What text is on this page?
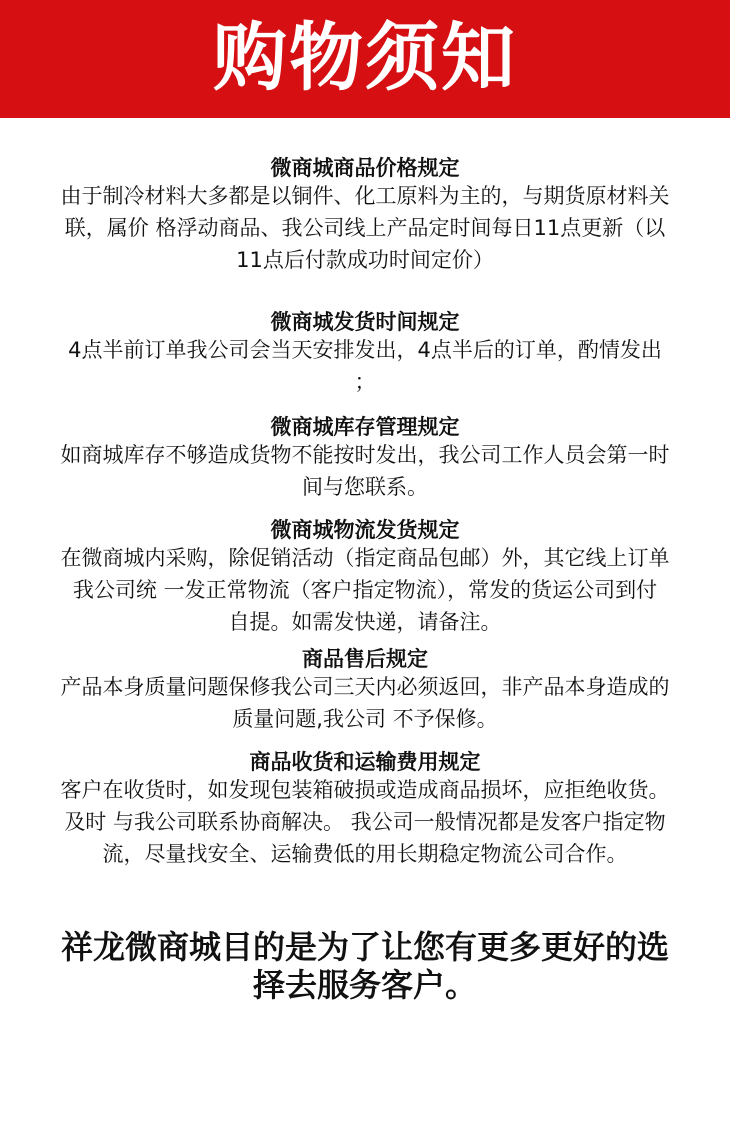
购物须知

微商城商品价格规定

由于制冷材料大多都是以铜件、化工原料为主的，与期货原材料关

联，属价 格浮动商品、我公司线上产品定时间每日11点更新（以

11点后付款成功时间定价）

微商城发货时间规定

4点半前订单我公司会当天安排发出，4点半后的订单，酌情发出

；

微商城库存管理规定

如商城库存不够造成货物不能按时发出，我公司工作人员会第一时

间与您联系。

微商城物流发货规定

在微商城内采购，除促销活动（指定商品包邮）外，其它线上订单

我公司统 一发正常物流（客户指定物流），常发的货运公司到付

自提。如需发快递，请备注。

商品售后规定

产品本身质量问题保修我公司三天内必须返回，非产品本身造成的

质量问题,我公司 不予保修。

商品收货和运输费用规定

客户在收货时，如发现包装箱破损或造成商品损坏，应拒绝收货。

及时 与我公司联系协商解决。 我公司一般情况都是发客户指定物

流，尽量找安全、运输费低的用长期稳定物流公司合作。

祥龙微商城目的是为了让您有更多更好的选
择去服务客户。
